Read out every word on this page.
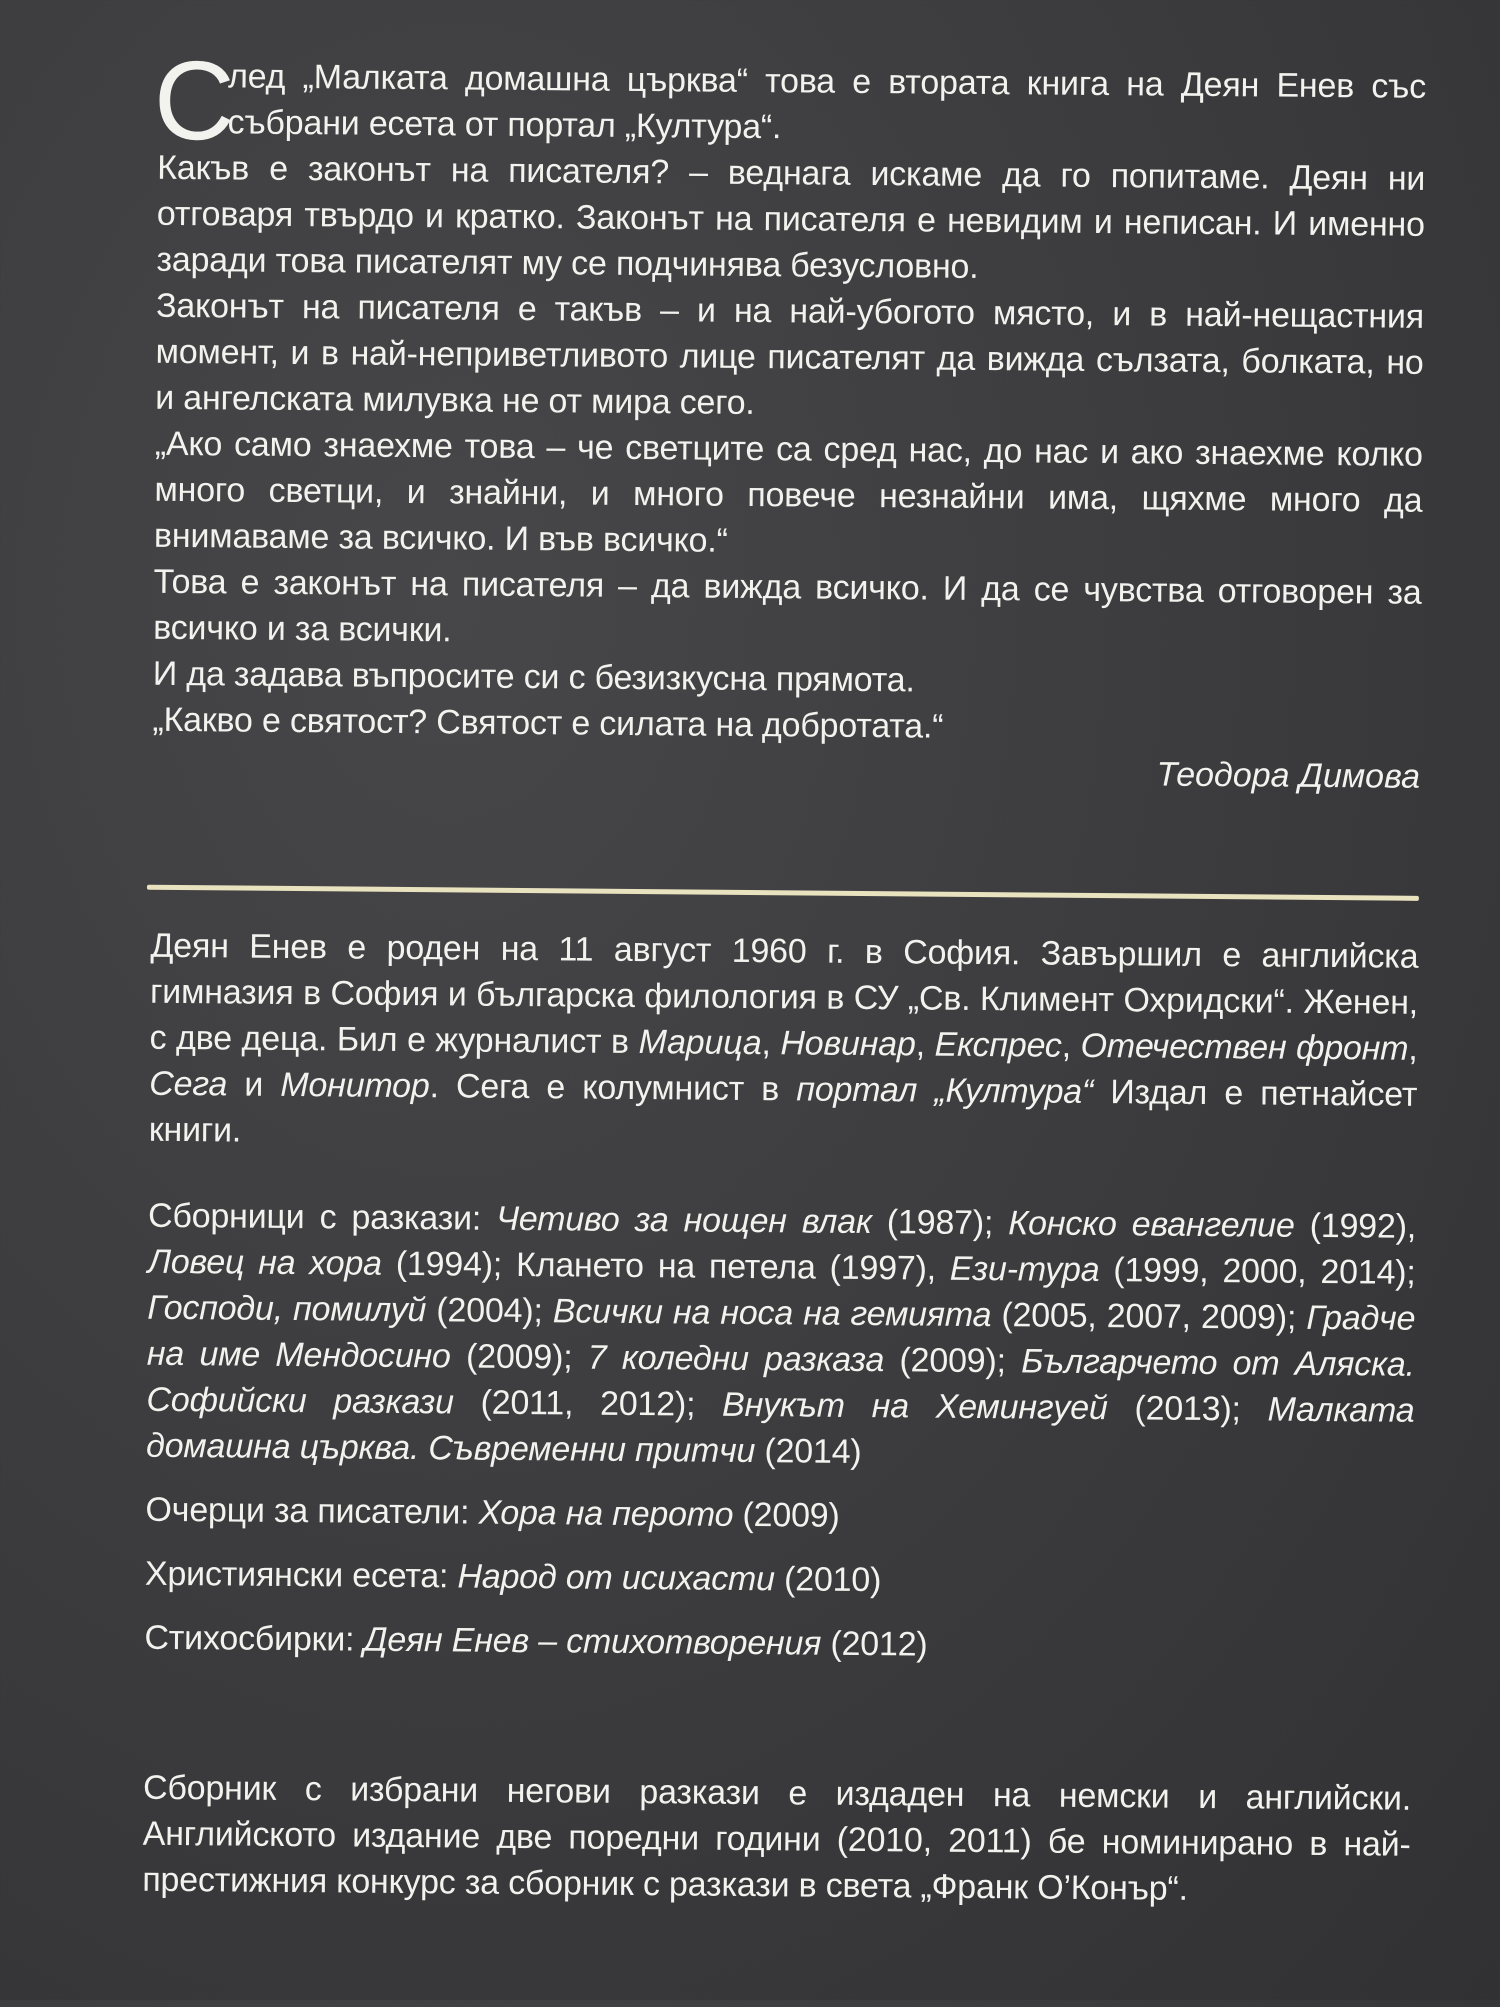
С

лед „Малката домашна църква“ това е втората книга на Деян Енев със събрани есета от портал „Култура“.

Какъв е законът на писателя? – веднага искаме да го попитаме. Деян ни отговаря твърдо и кратко. Законът на писателя е невидим и неписан. И именно заради това писателят му се подчинява безусловно.

Законът на писателя е такъв – и на най-убогото място, и в най-нещастния момент, и в най-неприветливото лице писателят да вижда сълзата, болката, но и ангелската милувка не от мира сего.

„Ако само знаехме това – че светците са сред нас, до нас и ако знаехме колко много светци, и знайни, и много повече незнайни има, щяхме много да внимаваме за всичко. И във всичко.“

Това е законът на писателя – да вижда всичко. И да се чувства отговорен за всичко и за всички.

И да задава въпросите си с безизкусна прямота.

„Какво е святост? Святост е силата на добротата.“

Теодора Димова

Деян Енев е роден на 11 август 1960 г. в София. Завършил е английска гимназия в София и българска филология в СУ „Св. Климент Охридски“. Женен, с две деца. Бил е журналист в Марица, Новинар, Експрес, Отечествен фронт, Сега и Монитор. Сега е колумнист в портал „Култура“ Издал е петнайсет книги.

Сборници с разкази: Четиво за нощен влак (1987); Конско евангелие (1992), Ловец на хора (1994); Клането на петела (1997), Ези-тура (1999, 2000, 2014); Господи, помилуй (2004); Всички на носа на гемията (2005, 2007, 2009); Градче на име Мендосино (2009); 7 коледни разказа (2009); Българчето от Аляска. Софийски разкази (2011, 2012); Внукът на Хемингуей (2013); Малката домашна църква. Съвременни притчи (2014)

Очерци за писатели: Хора на перото (2009)

Християнски есета: Народ от исихасти (2010)

Стихосбирки: Деян Енев – стихотворения (2012)

Сборник с избрани негови разкази е издаден на немски и английски. Английското издание две поредни години (2010, 2011) бе номинирано в най-престижния конкурс за сборник с разкази в света „Франк О’Конър“.
